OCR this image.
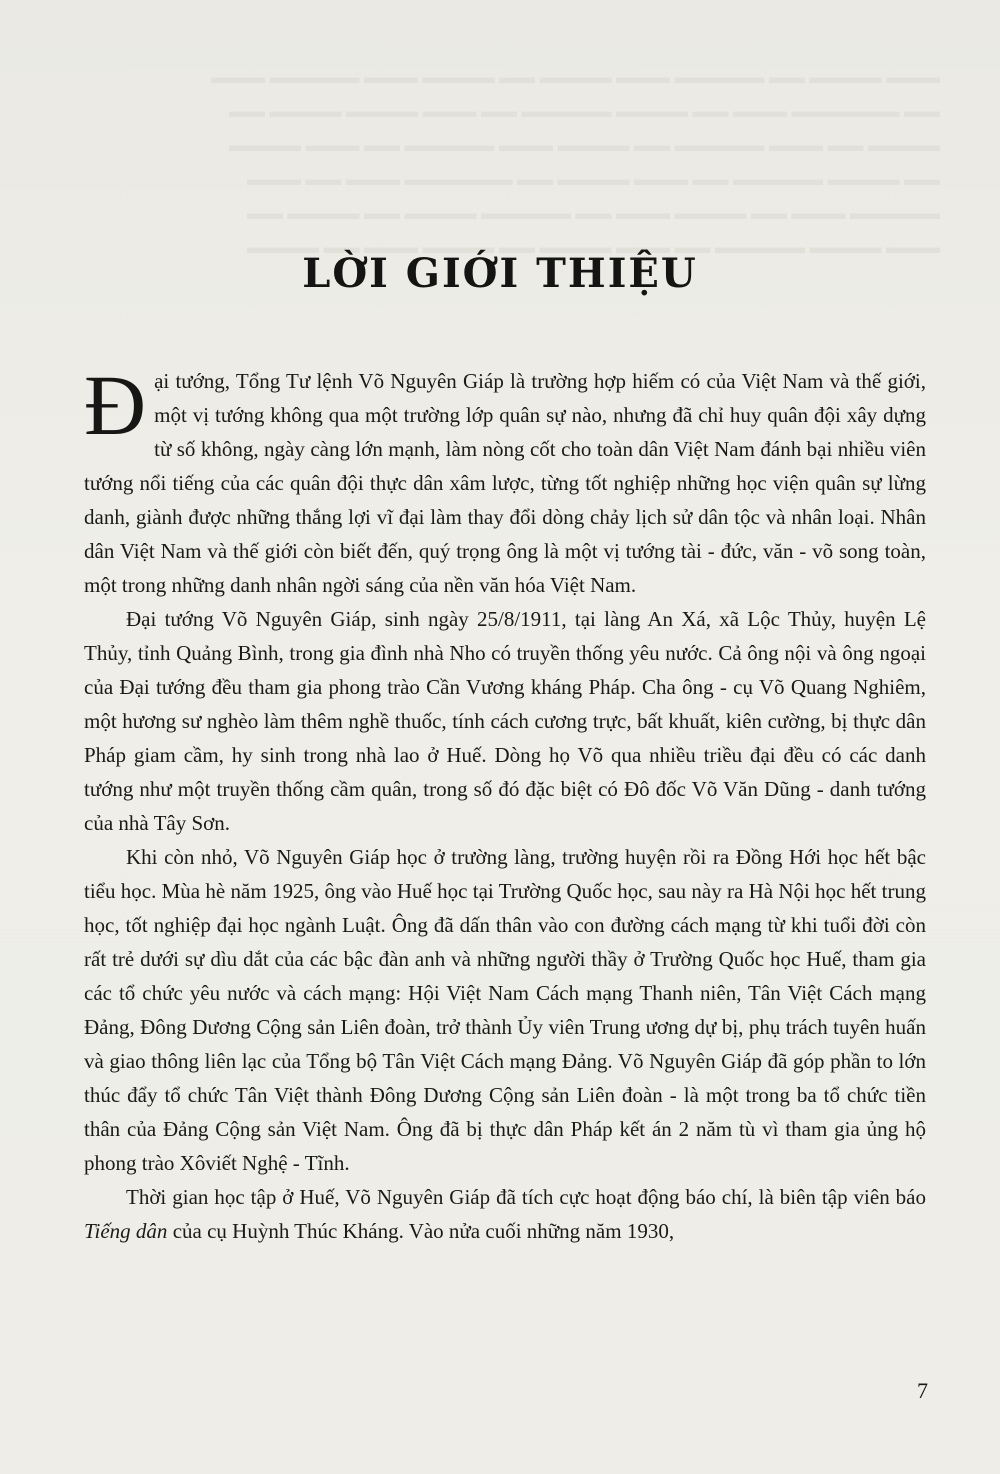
▬▬▬ ▬▬▬▬ ▬▬ ▬▬▬▬▬ ▬▬▬ ▬▬▬▬ ▬▬ ▬▬▬▬ ▬▬▬ ▬▬▬▬▬ ▬▬▬
▬▬ ▬▬▬▬▬▬ ▬▬▬ ▬▬ ▬▬▬▬ ▬▬▬▬▬ ▬▬ ▬▬▬ ▬▬▬▬ ▬▬▬▬ ▬▬
▬▬▬▬ ▬▬ ▬▬▬ ▬▬▬▬▬ ▬▬ ▬▬▬▬ ▬▬▬ ▬▬▬▬▬ ▬▬ ▬▬▬ ▬▬▬▬
▬▬ ▬▬▬▬ ▬▬▬▬▬ ▬▬ ▬▬▬ ▬▬▬▬ ▬▬ ▬▬▬▬▬▬ ▬▬▬ ▬▬ ▬▬▬
▬▬▬▬▬ ▬▬▬ ▬▬ ▬▬▬▬ ▬▬▬ ▬▬ ▬▬▬▬▬ ▬▬▬▬ ▬▬ ▬▬▬▬ ▬▬
▬▬▬ ▬▬▬▬ ▬▬▬▬▬ ▬▬ ▬▬▬ ▬▬▬▬ ▬▬ ▬▬▬▬ ▬▬▬ ▬▬ ▬▬▬▬
LỜI GIỚI THIỆU

Đại tướng, Tổng Tư lệnh Võ Nguyên Giáp là trường hợp hiếm có của Việt Nam và thế giới, một vị tướng không qua một trường lớp quân sự nào, nhưng đã chỉ huy quân đội xây dựng từ số không, ngày càng lớn mạnh, làm nòng cốt cho toàn dân Việt Nam đánh bại nhiều viên tướng nổi tiếng của các quân đội thực dân xâm lược, từng tốt nghiệp những học viện quân sự lừng danh, giành được những thắng lợi vĩ đại làm thay đổi dòng chảy lịch sử dân tộc và nhân loại. Nhân dân Việt Nam và thế giới còn biết đến, quý trọng ông là một vị tướng tài - đức, văn - võ song toàn, một trong những danh nhân ngời sáng của nền văn hóa Việt Nam.

Đại tướng Võ Nguyên Giáp, sinh ngày 25/8/1911, tại làng An Xá, xã Lộc Thủy, huyện Lệ Thủy, tỉnh Quảng Bình, trong gia đình nhà Nho có truyền thống yêu nước. Cả ông nội và ông ngoại của Đại tướng đều tham gia phong trào Cần Vương kháng Pháp. Cha ông - cụ Võ Quang Nghiêm, một hương sư nghèo làm thêm nghề thuốc, tính cách cương trực, bất khuất, kiên cường, bị thực dân Pháp giam cầm, hy sinh trong nhà lao ở Huế. Dòng họ Võ qua nhiều triều đại đều có các danh tướng như một truyền thống cầm quân, trong số đó đặc biệt có Đô đốc Võ Văn Dũng - danh tướng của nhà Tây Sơn.

Khi còn nhỏ, Võ Nguyên Giáp học ở trường làng, trường huyện rồi ra Đồng Hới học hết bậc tiểu học. Mùa hè năm 1925, ông vào Huế học tại Trường Quốc học, sau này ra Hà Nội học hết trung học, tốt nghiệp đại học ngành Luật. Ông đã dấn thân vào con đường cách mạng từ khi tuổi đời còn rất trẻ dưới sự dìu dắt của các bậc đàn anh và những người thầy ở Trường Quốc học Huế, tham gia các tổ chức yêu nước và cách mạng: Hội Việt Nam Cách mạng Thanh niên, Tân Việt Cách mạng Đảng, Đông Dương Cộng sản Liên đoàn, trở thành Ủy viên Trung ương dự bị, phụ trách tuyên huấn và giao thông liên lạc của Tổng bộ Tân Việt Cách mạng Đảng. Võ Nguyên Giáp đã góp phần to lớn thúc đẩy tổ chức Tân Việt thành Đông Dương Cộng sản Liên đoàn - là một trong ba tổ chức tiền thân của Đảng Cộng sản Việt Nam. Ông đã bị thực dân Pháp kết án 2 năm tù vì tham gia ủng hộ phong trào Xôviết Nghệ - Tĩnh.

Thời gian học tập ở Huế, Võ Nguyên Giáp đã tích cực hoạt động báo chí, là biên tập viên báo Tiếng dân của cụ Huỳnh Thúc Kháng. Vào nửa cuối những năm 1930,

7
